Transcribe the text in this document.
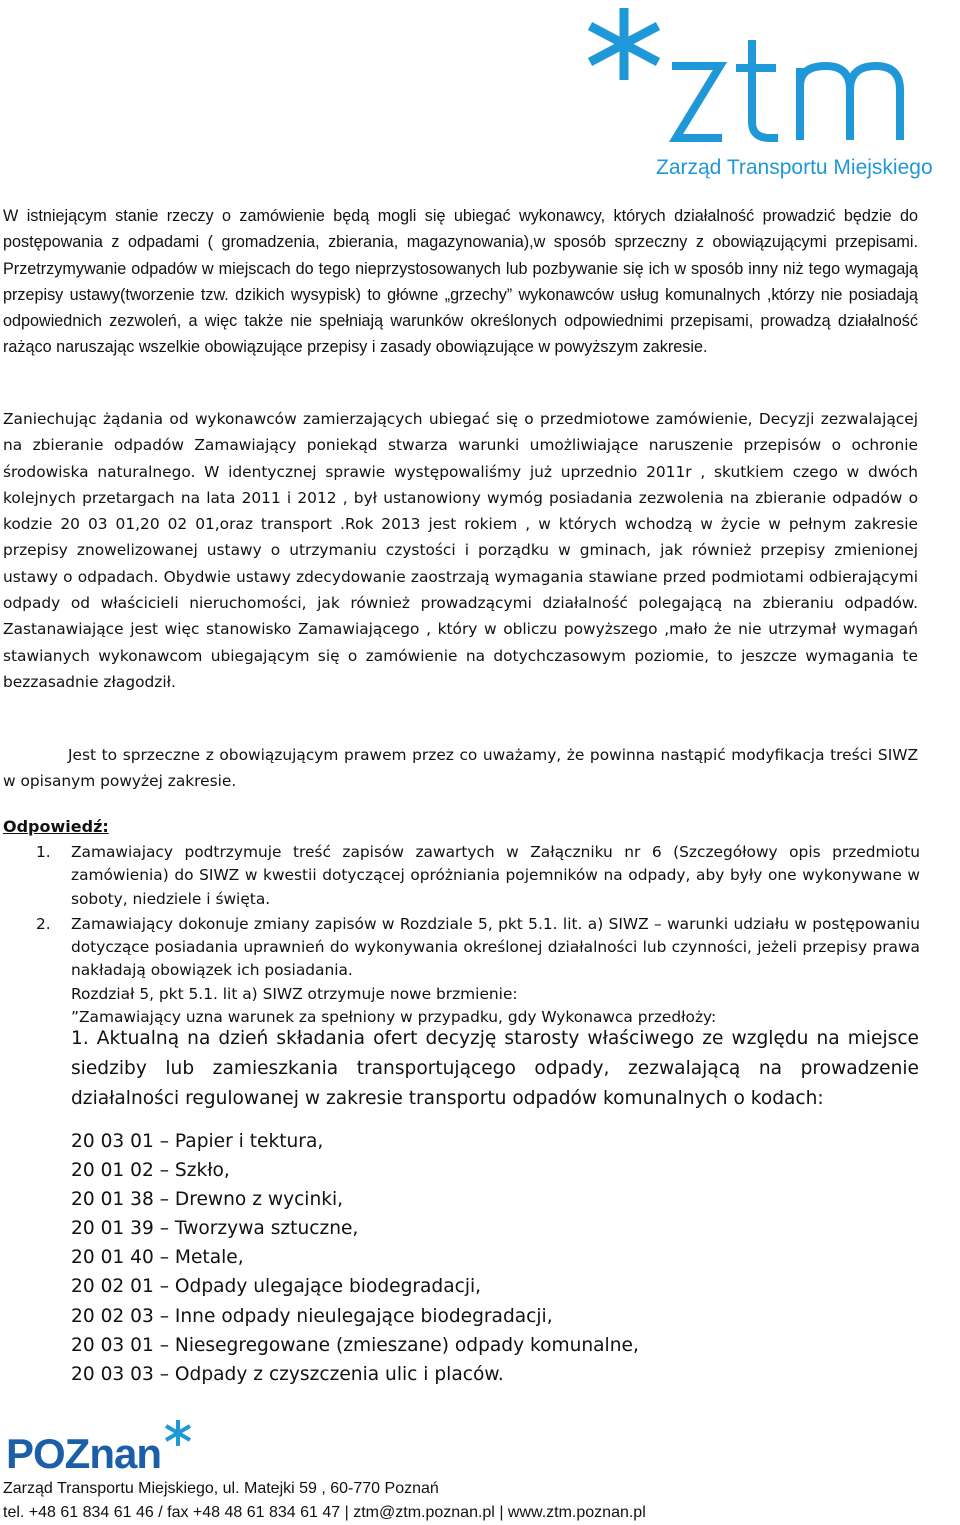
Zarząd Transportu Miejskiego
W istniejącym stanie rzeczy o zamówienie będą mogli się ubiegać wykonawcy, których działalność prowadzić będzie do postępowania z odpadami ( gromadzenia, zbierania, magazynowania),w sposób sprzeczny z obowiązującymi przepisami. Przetrzymywanie odpadów w miejscach do tego nieprzystosowanych lub pozbywanie się ich w sposób inny niż tego wymagają przepisy ustawy(tworzenie tzw. dzikich wysypisk) to główne „grzechy” wykonawców usług komunalnych ,którzy nie posiadają odpowiednich zezwoleń, a więc także nie spełniają warunków określonych odpowiednimi przepisami, prowadzą działalność rażąco naruszając wszelkie obowiązujące przepisy i zasady obowiązujące w powyższym zakresie.
Zaniechując żądania od wykonawców zamierzających ubiegać się o przedmiotowe zamówienie, Decyzji zezwalającej na zbieranie odpadów Zamawiający poniekąd stwarza warunki umożliwiające naruszenie przepisów o ochronie środowiska naturalnego. W identycznej sprawie występowaliśmy już uprzednio 2011r , skutkiem czego w dwóch kolejnych przetargach na lata 2011 i 2012 , był ustanowiony wymóg posiadania zezwolenia na zbieranie odpadów o kodzie 20 03 01,20 02 01,oraz transport .Rok 2013 jest rokiem , w których wchodzą w życie w pełnym zakresie przepisy znowelizowanej ustawy o utrzymaniu czystości i porządku w gminach, jak również przepisy zmienionej ustawy o odpadach. Obydwie ustawy zdecydowanie zaostrzają wymagania stawiane przed podmiotami odbierającymi odpady od właścicieli nieruchomości, jak również prowadzącymi działalność polegającą na zbieraniu odpadów. Zastanawiające jest więc stanowisko Zamawiającego , który w obliczu powyższego ,mało że nie utrzymał wymagań stawianych wykonawcom ubiegającym się o zamówienie na dotychczasowym poziomie, to jeszcze wymagania te bezzasadnie złagodził.
Jest to sprzeczne z obowiązującym prawem przez co uważamy, że powinna nastąpić modyfikacja treści SIWZ w opisanym powyżej zakresie.
Odpowiedź:
1. Zamawiajacy podtrzymuje treść zapisów zawartych w Załączniku nr 6 (Szczegółowy opis przedmiotu zamówienia) do SIWZ w kwestii dotyczącej opróżniania pojemników na odpady, aby były one wykonywane w soboty, niedziele i święta.
2. Zamawiający dokonuje zmiany zapisów w Rozdziale 5, pkt 5.1. lit. a) SIWZ – warunki udziału w postępowaniu dotyczące posiadania uprawnień do wykonywania określonej działalności lub czynności, jeżeli przepisy prawa nakładają obowiązek ich posiadania.
Rozdział 5, pkt 5.1. lit a) SIWZ otrzymuje nowe brzmienie:
”Zamawiający uzna warunek za spełniony w przypadku, gdy Wykonawca przedłoży:
1. Aktualną na dzień składania ofert decyzję starosty właściwego ze względu na miejsce siedziby lub zamieszkania transportującego odpady, zezwalającą na prowadzenie działalności regulowanej w zakresie transportu odpadów komunalnych o kodach:
20 03 01 – Papier i tektura,
20 01 02 – Szkło,
20 01 38 – Drewno z wycinki,
20 01 39 – Tworzywa sztuczne,
20 01 40 – Metale,
20 02 01 – Odpady ulegające biodegradacji,
20 02 03 – Inne odpady nieulegające biodegradacji,
20 03 01 – Niesegregowane (zmieszane) odpady komunalne,
20 03 03 – Odpady z czyszczenia ulic i placów.
POZnan
Zarząd Transportu Miejskiego, ul. Matejki 59 , 60-770 Poznań
tel. +48 61 834 61 46 / fax +48 48 61 834 61 47 | ztm@ztm.poznan.pl | www.ztm.poznan.pl
